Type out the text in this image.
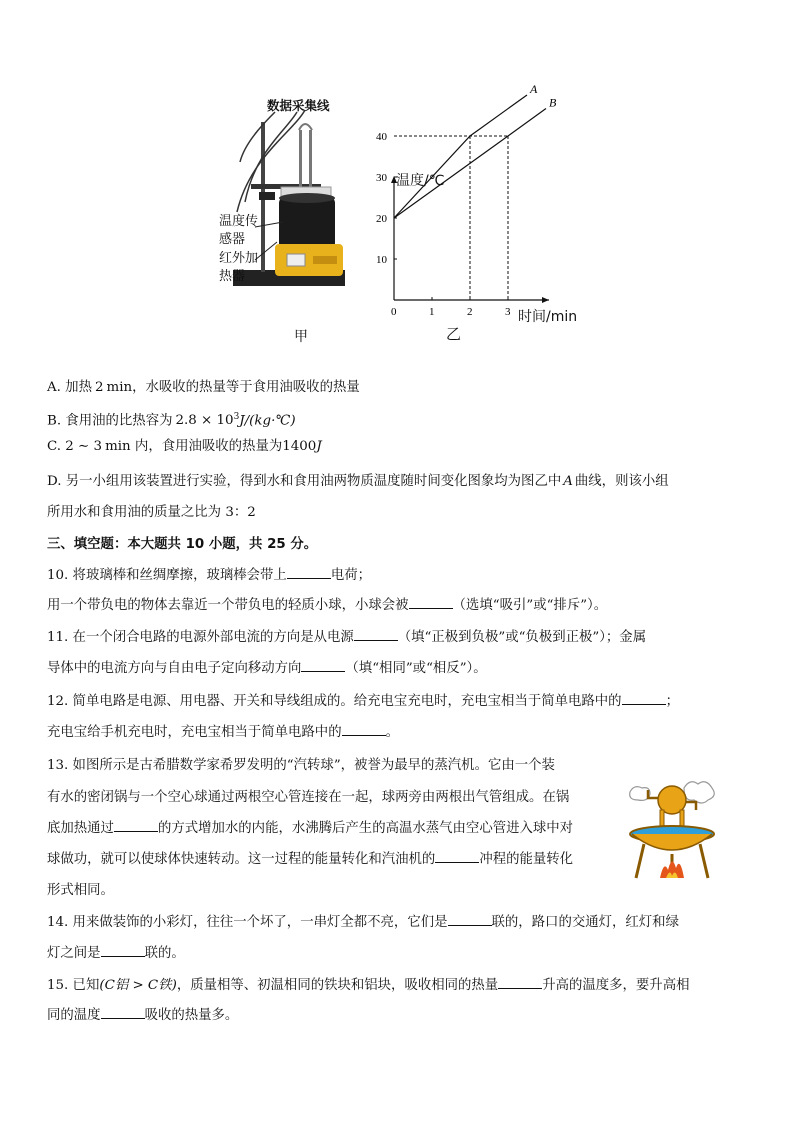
数据采集线
温度传
感器
红外加
热器
甲
0	1	2	3
10
20
30
40
A
B
温度/℃
时间/min
乙
A. 加热 2 min，水吸收的热量等于食用油吸收的热量
B. 食用油的比热容为 $2.8 \times 10^3J/(kg\cdot℃)$
C. 2 ∼ 3 min 内，食用油吸收的热量为1400J
D. 另一小组用该装置进行实验，得到水和食用油两物质温度随时间变化图象均为图乙中 A 曲线，则该小组
所用水和食用油的质量之比为 3：2
三、填空题：本大题共 10 小题，共 25 分。
10. 将玻璃棒和丝绸摩擦，玻璃棒会带上	电荷；
用一个带负电的物体去靠近一个带负电的轻质小球，小球会被	（选填“吸引”或“排斥”）。
11. 在一个闭合电路的电源外部电流的方向是从电源	（填“正极到负极”或“负极到正极”）；金属
导体中的电流方向与自由电子定向移动方向	（填“相同”或“相反”）。
12. 简单电路是电源、用电器、开关和导线组成的。给充电宝充电时，充电宝相当于简单电路中的	；
充电宝给手机充电时，充电宝相当于简单电路中的	。
13. 如图所示是古希腊数学家希罗发明的“汽转球”，被誉为最早的蒸汽机。它由一个装
有水的密闭锅与一个空心球通过两根空心管连接在一起，球两旁由两根出气管组成。在锅
底加热通过	的方式增加水的内能，水沸腾后产生的高温水蒸气由空心管进入球中对
球做功，就可以使球体快速转动。这一过程的能量转化和汽油机的	冲程的能量转化
形式相同。
14. 用来做装饰的小彩灯，往往一个坏了，一串灯全都不亮，它们是	联的，路口的交通灯，红灯和绿
灯之间是	联的。
15. 已知(C铝 > C铁)，质量相等、初温相同的铁块和铝块，吸收相同的热量	升高的温度多，要升高相
同的温度	吸收的热量多。
